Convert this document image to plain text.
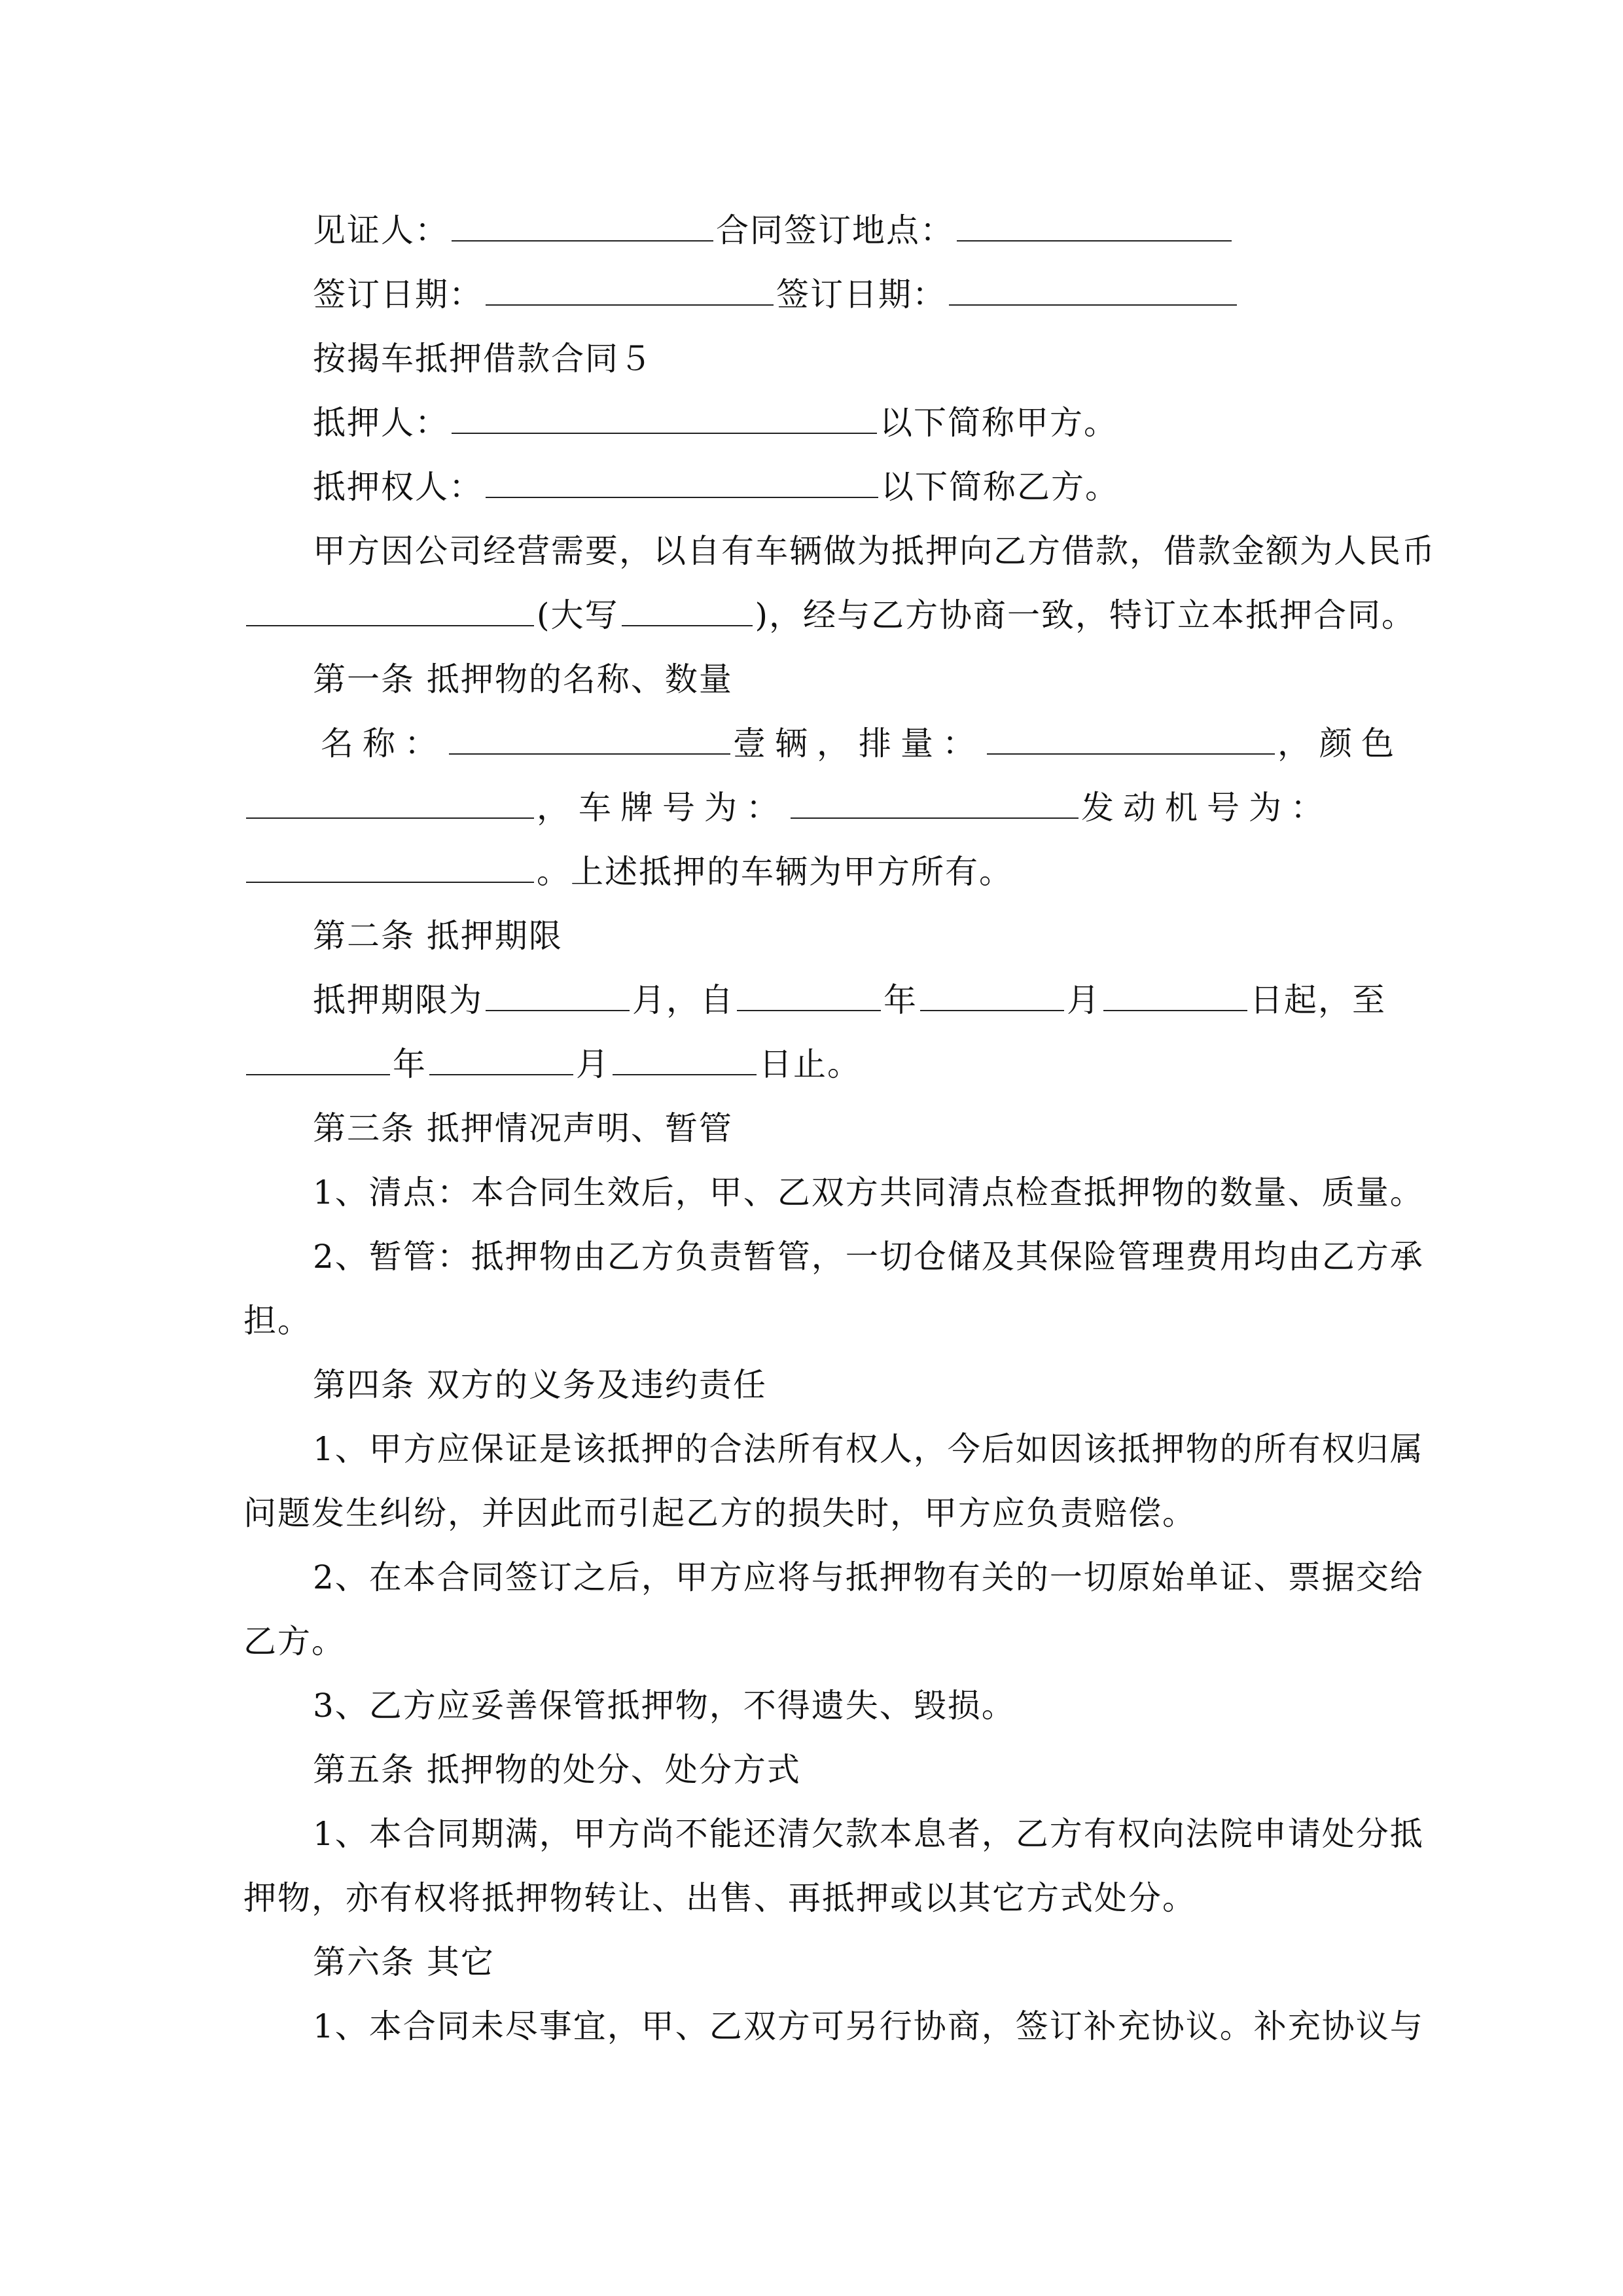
见证人：	合同签订地点：
签订日期：	签订日期：
按揭车抵押借款合同５
抵押人：	以下简称甲方。
抵押权人：	以下简称乙方。
甲方因公司经营需要，以自有车辆做为抵押向乙方借款，借款金额为人民币
(大写	)，经与乙方协商一致，特订立本抵押合同。
第一条 抵押物的名称、数量
名称：	壹辆，排量：	，颜色
，车牌号为：	发动机号为：
。上述抵押的车辆为甲方所有。
第二条 抵押期限
抵押期限为	月，自	年	月	日起，至
年	月	日止。
第三条 抵押情况声明、暂管
1、清点：本合同生效后，甲、乙双方共同清点检查抵押物的数量、质量。
2、暂管：抵押物由乙方负责暂管，一切仓储及其保险管理费用均由乙方承
担。
第四条 双方的义务及违约责任
1、甲方应保证是该抵押的合法所有权人，今后如因该抵押物的所有权归属
问题发生纠纷，并因此而引起乙方的损失时，甲方应负责赔偿。
2、在本合同签订之后，甲方应将与抵押物有关的一切原始单证、票据交给
乙方。
3、乙方应妥善保管抵押物，不得遗失、毁损。
第五条 抵押物的处分、处分方式
1、本合同期满，甲方尚不能还清欠款本息者，乙方有权向法院申请处分抵
押物，亦有权将抵押物转让、出售、再抵押或以其它方式处分。
第六条 其它
1、本合同未尽事宜，甲、乙双方可另行协商，签订补充协议。补充协议与
